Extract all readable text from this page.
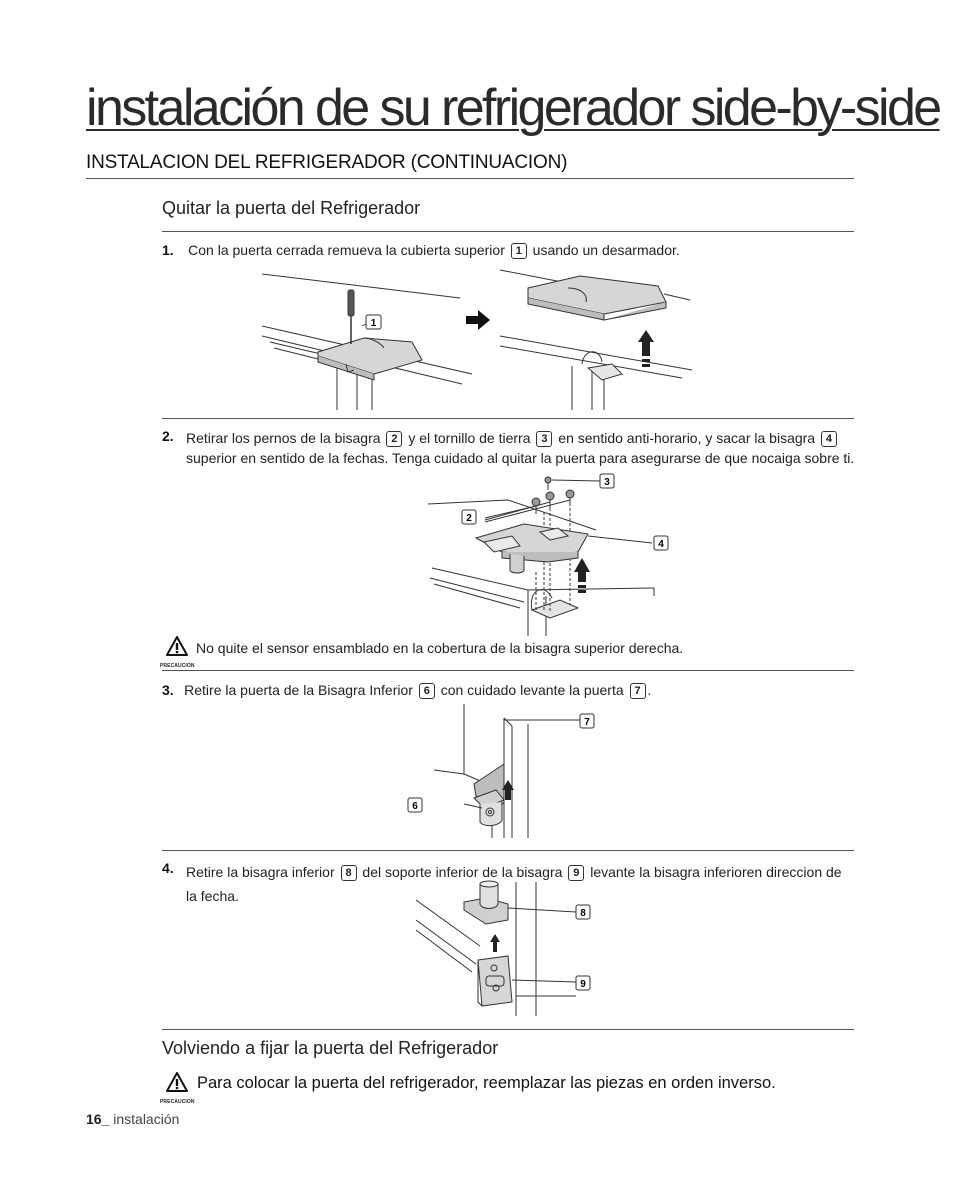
instalación de su refrigerador side-by-side
INSTALACION DEL REFRIGERADOR (CONTINUACION)
Quitar la puerta del Refrigerador
1. Con la puerta cerrada remueva la cubierta superior 1 usando un desarmador.
1
2. Retirar los pernos de la bisagra 2 y el tornillo de tierra 3 en sentido anti-horario, y sacar la bisagra 4 superior en sentido de la fechas. Tenga cuidado al quitar la puerta para asegurarse de que nocaiga sobre ti.
3
2
4
PRECAUCION
No quite el sensor ensamblado en la cobertura de la bisagra superior derecha.
3. Retire la puerta de la Bisagra Inferior 6 con cuidado levante la puerta 7 .
7
6
4. Retire la bisagra inferior 8 del soporte inferior de la bisagra 9 levante la bisagra inferioren direccion de la fecha.
8
9
Volviendo a fijar la puerta del Refrigerador
PRECAUCION
Para colocar la puerta del refrigerador, reemplazar las piezas en orden inverso.
16_ instalación
